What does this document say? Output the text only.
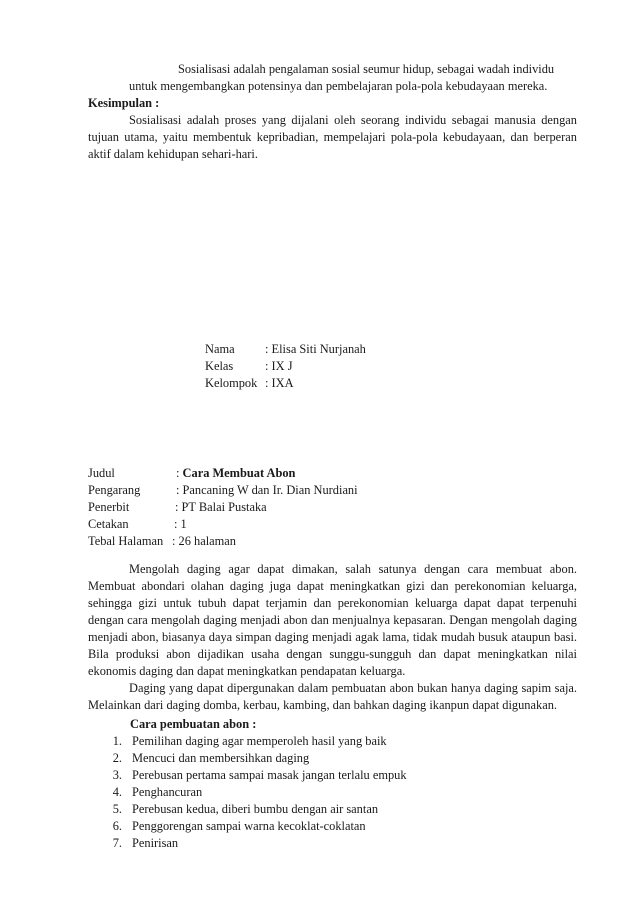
Sosialisasi adalah pengalaman sosial seumur hidup, sebagai wadah individu

untuk mengembangkan potensinya dan pembelajaran pola-pola kebudayaan mereka.

Kesimpulan :

Sosialisasi adalah proses yang dijalani oleh seorang individu sebagai manusia dengan tujuan utama, yaitu membentuk kepribadian, mempelajari pola-pola kebudayaan, dan berperan aktif dalam kehidupan sehari-hari.

Nama	: Elisa Siti Nurjanah
Kelas	: IX J
Kelompok : IXA
Judul	: Cara Membuat Abon
Pengarang	: Pancaning W dan Ir. Dian Nurdiani
Penerbit	: PT Balai Pustaka
Cetakan	: 1
Tebal Halaman : 26 halaman

Mengolah daging agar dapat dimakan, salah satunya dengan cara membuat abon. Membuat abondari olahan daging juga dapat meningkatkan gizi dan perekonomian keluarga, sehingga gizi untuk tubuh dapat terjamin dan perekonomian keluarga dapat dapat terpenuhi dengan cara mengolah daging menjadi abon dan menjualnya kepasaran. Dengan mengolah daging menjadi abon, biasanya daya simpan daging menjadi agak lama, tidak mudah busuk ataupun basi. Bila produksi abon dijadikan usaha dengan sunggu-sungguh dan dapat meningkatkan nilai ekonomis daging dan dapat meningkatkan pendapatan keluarga.

Daging yang dapat dipergunakan dalam pembuatan abon bukan hanya daging sapim saja. Melainkan dari daging domba, kerbau, kambing, dan bahkan daging ikanpun dapat digunakan.

Cara pembuatan abon :
1. Pemilihan daging agar memperoleh hasil yang baik
2. Mencuci dan membersihkan daging
3. Perebusan pertama sampai masak jangan terlalu empuk
4. Penghancuran
5. Perebusan kedua, diberi bumbu dengan air santan
6. Penggorengan sampai warna kecoklat-coklatan
7. Penirisan
